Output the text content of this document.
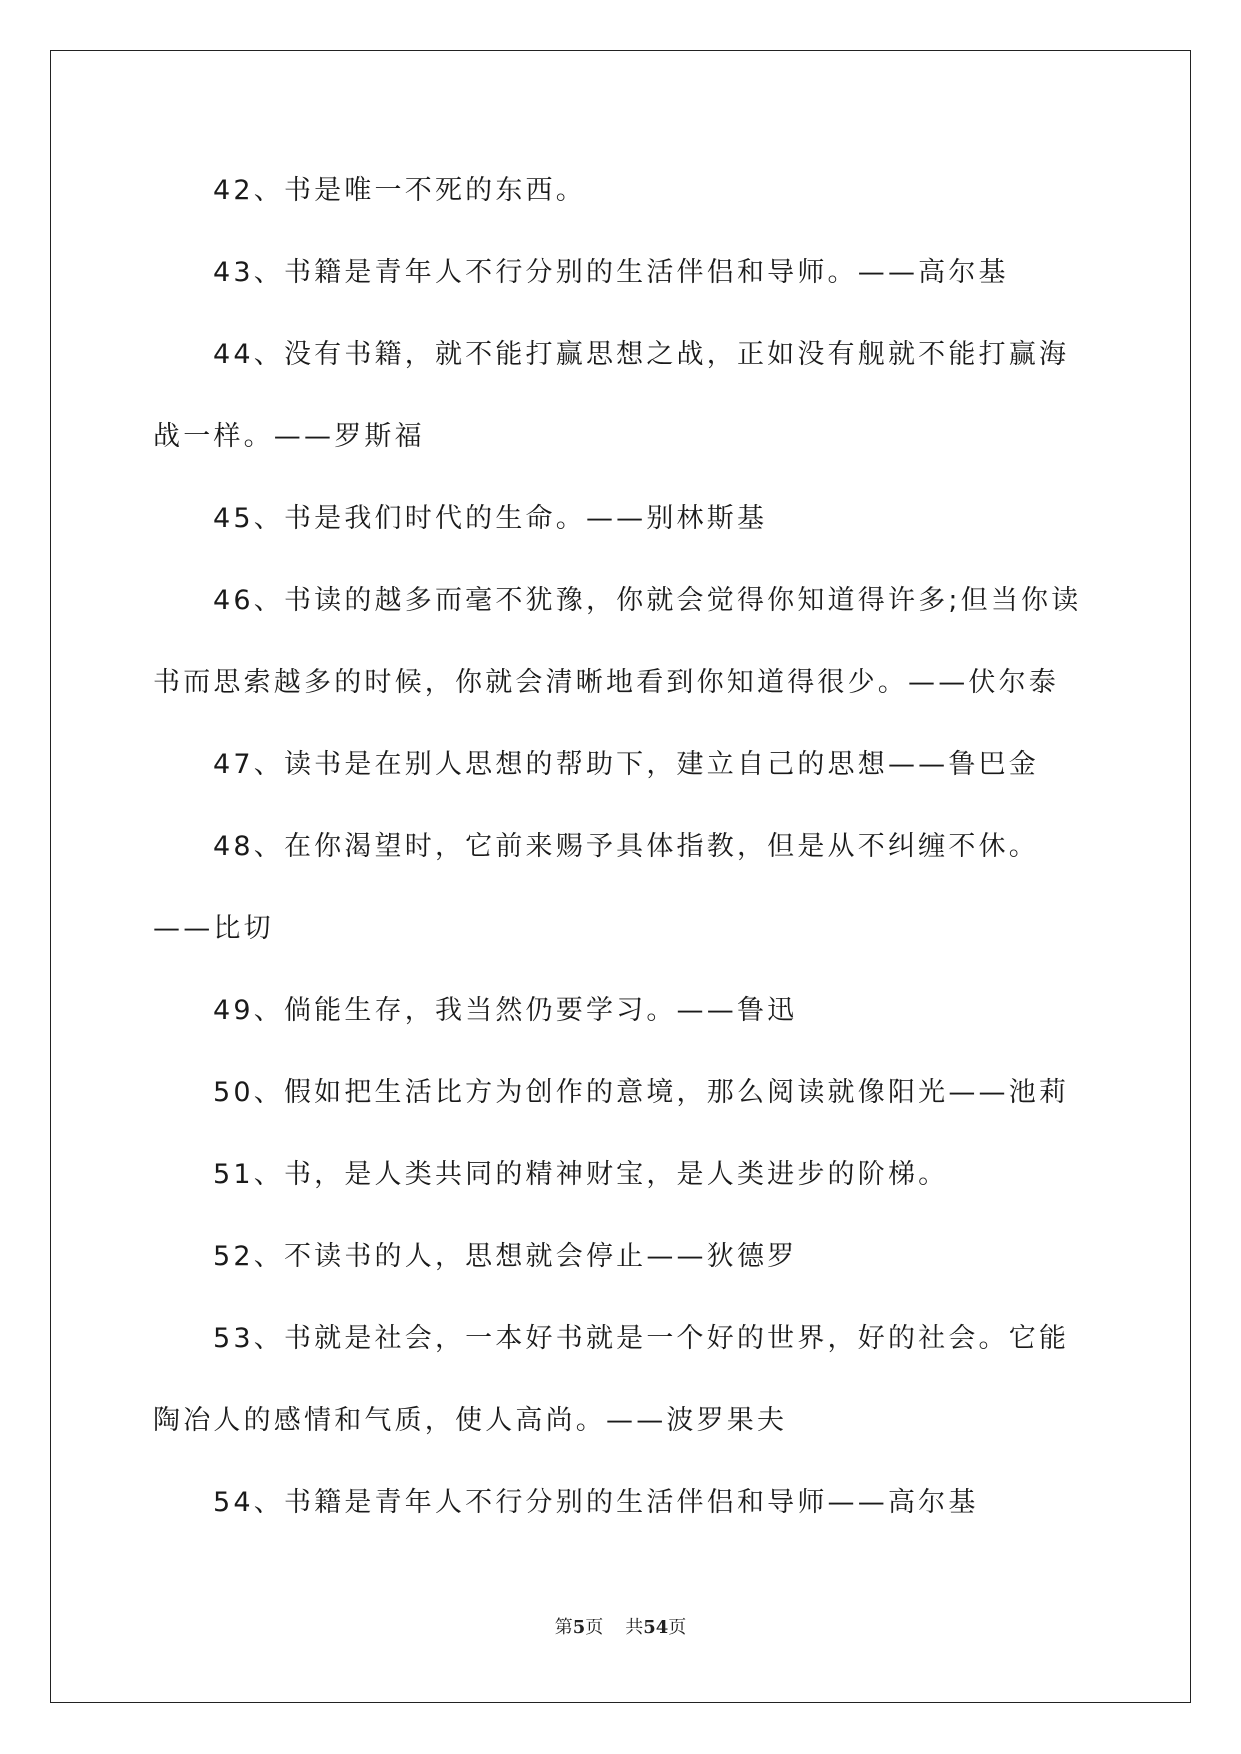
42、书是唯一不死的东西。

43、书籍是青年人不行分别的生活伴侣和导师。——高尔基

44、没有书籍，就不能打赢思想之战，正如没有舰就不能打赢海战一样。——罗斯福

45、书是我们时代的生命。——别林斯基

46、书读的越多而毫不犹豫，你就会觉得你知道得许多;但当你读书而思索越多的时候，你就会清晰地看到你知道得很少。——伏尔泰

47、读书是在别人思想的帮助下，建立自己的思想——鲁巴金

48、在你渴望时，它前来赐予具体指教，但是从不纠缠不休。——比切

49、倘能生存，我当然仍要学习。——鲁迅

50、假如把生活比方为创作的意境，那么阅读就像阳光——池莉

51、书，是人类共同的精神财宝，是人类进步的阶梯。

52、不读书的人，思想就会停止——狄德罗

53、书就是社会，一本好书就是一个好的世界，好的社会。它能陶冶人的感情和气质，使人高尚。——波罗果夫

54、书籍是青年人不行分别的生活伴侣和导师——高尔基

第5页 共54页
